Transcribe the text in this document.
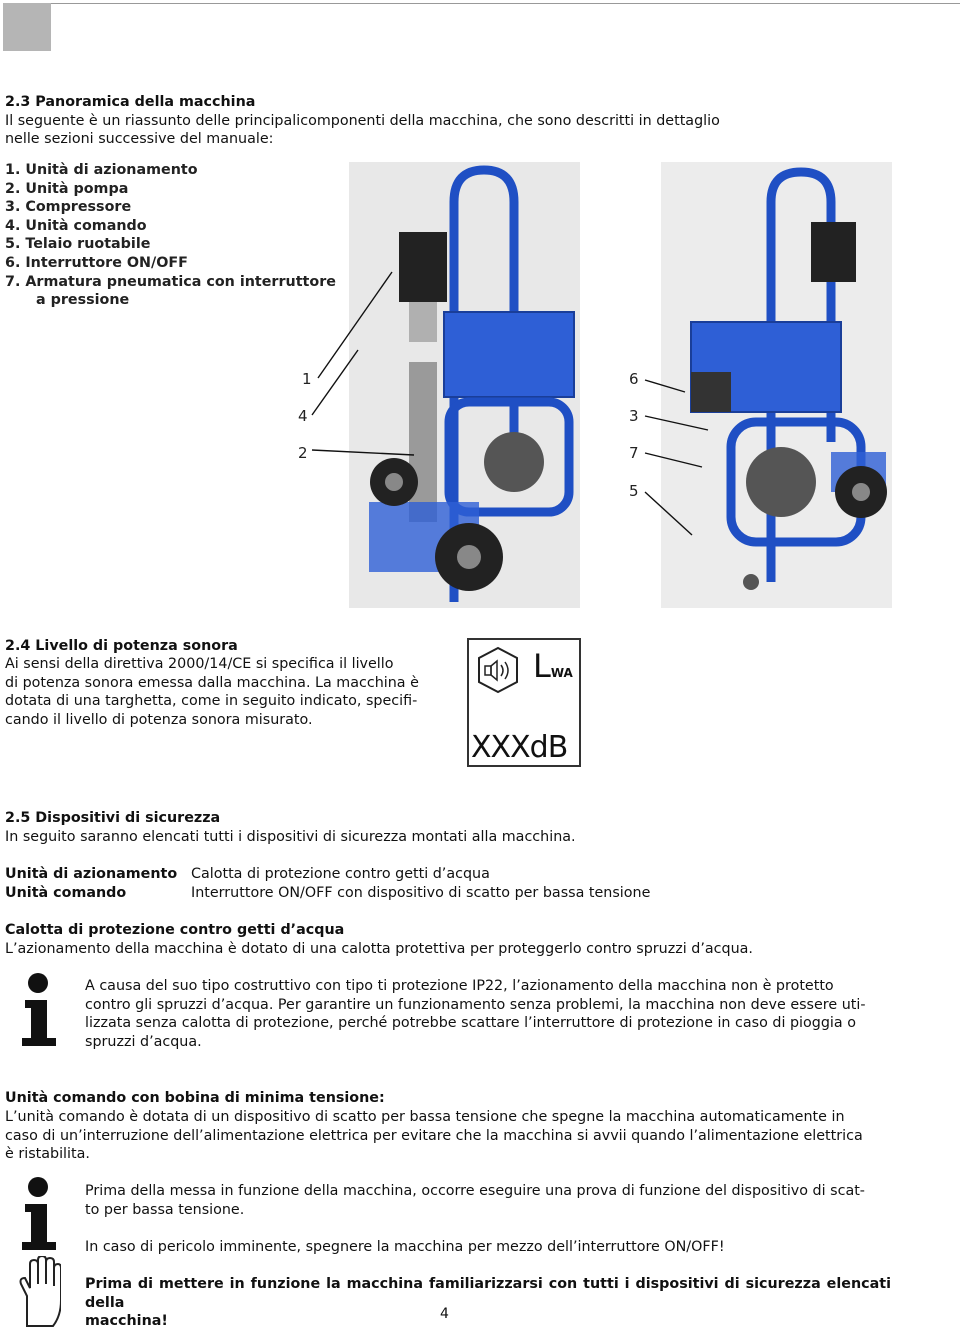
2.3 Panoramica della macchina
Il seguente è un riassunto delle principalicomponenti della macchina, che sono descritti in dettaglio
nelle sezioni successive del manuale:
1. Unità di azionamento
2. Unità pompa
3. Compressore
4. Unità comando
5. Telaio ruotabile
6. Interruttore ON/OFF
7. Armatura pneumatica con interruttore
a pressione
1
4
2
6
3
7
5
2.4 Livello di potenza sonora
Ai sensi della direttiva 2000/14/CE si specifica il livello
di potenza sonora emessa dalla macchina. La macchina è
dotata di una targhetta, come in seguito indicato, specifi-
cando il livello di potenza sonora misurato.
LWA
XXXdB
2.5 Dispositivi di sicurezza
In seguito saranno elencati tutti i dispositivi di sicurezza montati alla macchina.
Unità di azionamento Calotta di protezione contro getti d’acqua
Unità comando	Interruttore ON/OFF con dispositivo di scatto per bassa tensione
Calotta di protezione contro getti d’acqua
L’azionamento della macchina è dotato di una calotta protettiva per proteggerlo contro spruzzi d’acqua.
A causa del suo tipo costruttivo con tipo ti protezione IP22, l’azionamento della macchina non è protetto
contro gli spruzzi d’acqua. Per garantire un funzionamento senza problemi, la macchina non deve essere uti-
lizzata senza calotta di protezione, perché potrebbe scattare l’interruttore di protezione in caso di pioggia o
spruzzi d’acqua.
Unità comando con bobina di minima tensione:
L’unità comando è dotata di un dispositivo di scatto per bassa tensione che spegne la macchina automaticamente in
caso di un’interruzione dell’alimentazione elettrica per evitare che la macchina si avvii quando l’alimentazione elettrica
è ristabilita.
Prima della messa in funzione della macchina, occorre eseguire una prova di funzione del dispositivo di scat-
to per bassa tensione.
In caso di pericolo imminente, spegnere la macchina per mezzo dell’interruttore ON/OFF!
Prima di mettere in funzione la macchina familiarizzarsi con tutti i dispositivi di sicurezza elencati della
macchina!	4
